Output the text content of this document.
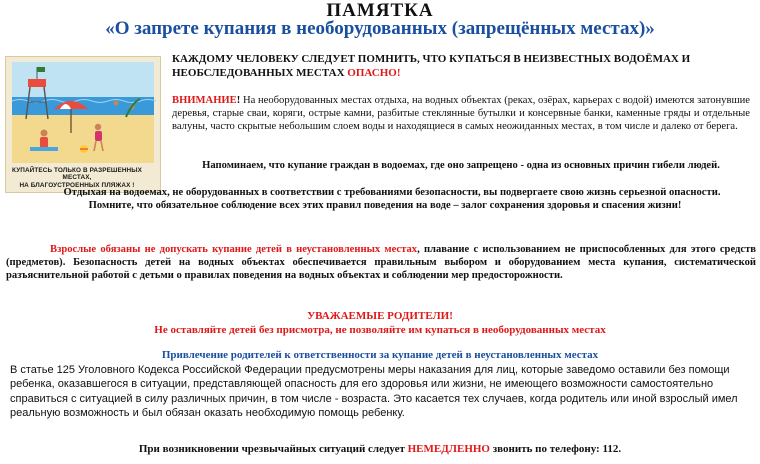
ПАМЯТКА
«О запрете купания в необорудованных (запрещённых местах)»
КУПАЙТЕСЬ ТОЛЬКО В РАЗРЕШЕННЫХ МЕСТАХ,
НА БЛАГОУСТРОЕННЫХ ПЛЯЖАХ !
КАЖДОМУ ЧЕЛОВЕКУ СЛЕДУЕТ ПОМНИТЬ, ЧТО КУПАТЬСЯ В НЕИЗВЕСТНЫХ ВОДОЁМАХ И НЕОБСЛЕДОВАННЫХ МЕСТАХ ОПАСНО!
ВНИМАНИЕ! На необорудованных местах отдыха, на водных объектах (реках, озёрах, карьерах с водой) имеются затонувшие деревья, старые сваи, коряги, острые камни, разбитые стеклянные бутылки и консервные банки, каменные гряды и отдельные валуны, часто скрытые небольшим слоем воды и находящиеся в самых неожиданных местах, в том числе и далеко от берега.
Напоминаем, что купание граждан в водоемах, где оно запрещено - одна из основных причин гибели людей.
Отдыхая на водоемах, не оборудованных в соответствии с требованиями безопасности, вы подвергаете свою жизнь серьезной опасности.
Помните, что обязательное соблюдение всех этих правил поведения на воде – залог сохранения здоровья и спасения жизни!
Взрослые обязаны не допускать купание детей в неустановленных местах, плавание с использованием не приспособленных для этого средств (предметов). Безопасность детей на водных объектах обеспечивается правильным выбором и оборудованием места купания, систематической разъяснительной работой с детьми о правилах поведения на водных объектах и соблюдении мер предосторожности.
УВАЖАЕМЫЕ РОДИТЕЛИ!
Не оставляйте детей без присмотра, не позволяйте им купаться в необорудованных местах
Привлечение родителей к ответственности за купание детей в неустановленных местах
В статье 125 Уголовного Кодекса Российской Федерации предусмотрены меры наказания для лиц, которые заведомо оставили без помощи ребенка, оказавшегося в ситуации, представляющей опасность для его здоровья или жизни, не имеющего возможности самостоятельно справиться с ситуацией в силу различных причин, в том числе - возраста. Это касается тех случаев, когда родитель или иной взрослый имел реальную возможность и был обязан оказать необходимую помощь ребенку.
При возникновении чрезвычайных ситуаций следует НЕМЕДЛЕННО звонить по телефону: 112.
